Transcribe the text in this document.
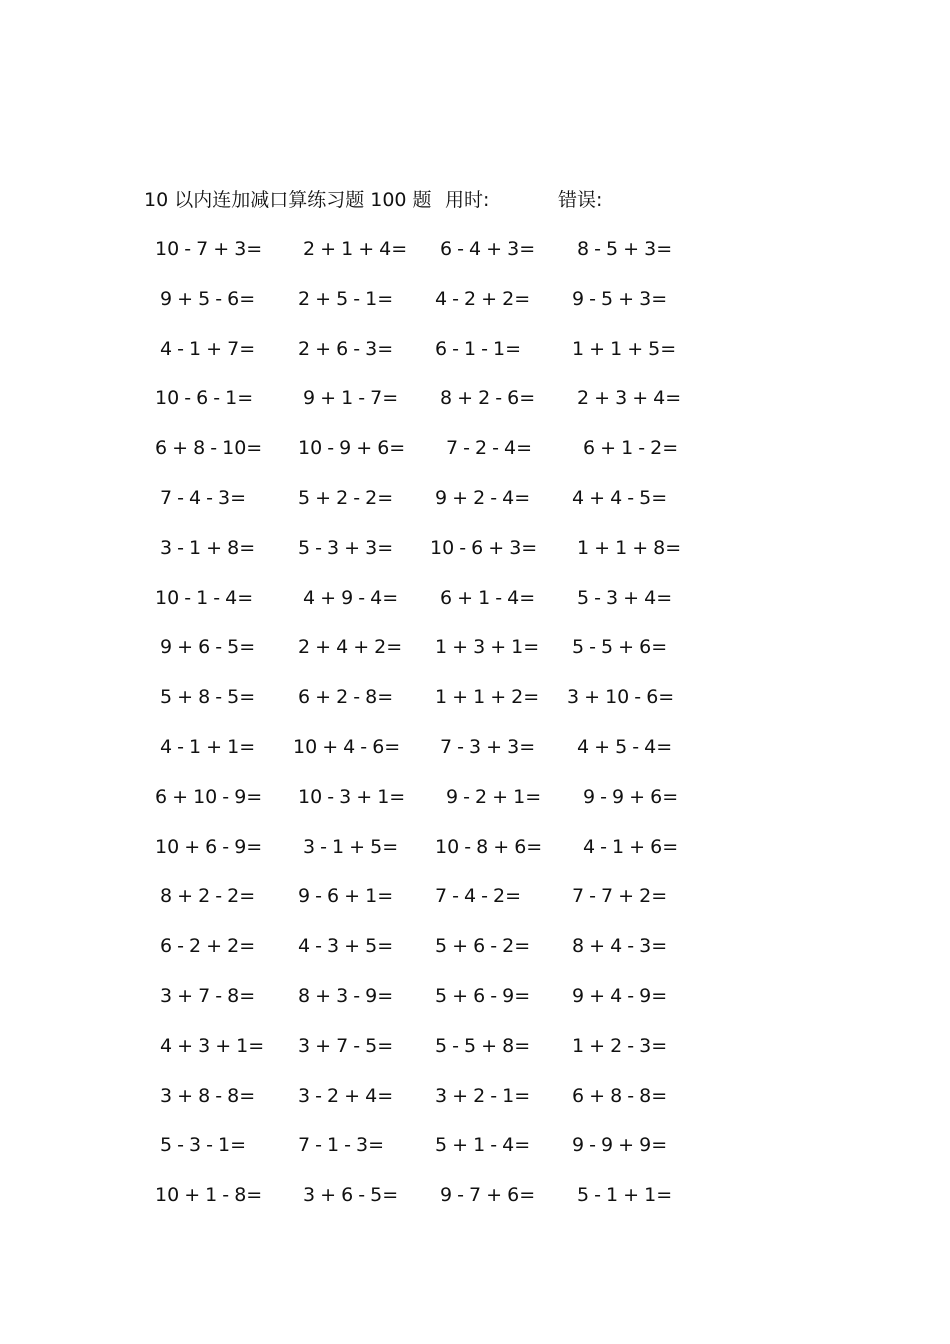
10 以内连加减口算练习题 100 题 用时:	错误:
10 - 7 + 3= 2 + 1 + 4= 6 - 4 + 3= 8 - 5 + 3=
9 + 5 - 6= 2 + 5 - 1= 4 - 2 + 2= 9 - 5 + 3=
4 - 1 + 7= 2 + 6 - 3= 6 - 1 - 1=	1 + 1 + 5=
10 - 6 - 1=	9 + 1 - 7= 8 + 2 - 6= 2 + 3 + 4=
6 + 8 - 10= 10 - 9 + 6= 7 - 2 - 4=	6 + 1 - 2=
7 - 4 - 3=	5 + 2 - 2= 9 + 2 - 4= 4 + 4 - 5=
3 - 1 + 8= 5 - 3 + 3= 10 - 6 + 3= 1 + 1 + 8=
10 - 1 - 4=	4 + 9 - 4= 6 + 1 - 4= 5 - 3 + 4=
9 + 6 - 5= 2 + 4 + 2= 1 + 3 + 1= 5 - 5 + 6=
5 + 8 - 5= 6 + 2 - 8= 1 + 1 + 2= 3 + 10 - 6=
4 - 1 + 1= 10 + 4 - 6= 7 - 3 + 3= 4 + 5 - 4=
6 + 10 - 9= 10 - 3 + 1= 9 - 2 + 1= 9 - 9 + 6=
10 + 6 - 9= 3 - 1 + 5= 10 - 8 + 6= 4 - 1 + 6=
8 + 2 - 2= 9 - 6 + 1= 7 - 4 - 2=	7 - 7 + 2=
6 - 2 + 2= 4 - 3 + 5= 5 + 6 - 2= 8 + 4 - 3=
3 + 7 - 8= 8 + 3 - 9= 5 + 6 - 9= 9 + 4 - 9=
4 + 3 + 1= 3 + 7 - 5= 5 - 5 + 8= 1 + 2 - 3=
3 + 8 - 8= 3 - 2 + 4= 3 + 2 - 1= 6 + 8 - 8=
5 - 3 - 1=	7 - 1 - 3=	5 + 1 - 4= 9 - 9 + 9=
10 + 1 - 8= 3 + 6 - 5= 9 - 7 + 6= 5 - 1 + 1=
